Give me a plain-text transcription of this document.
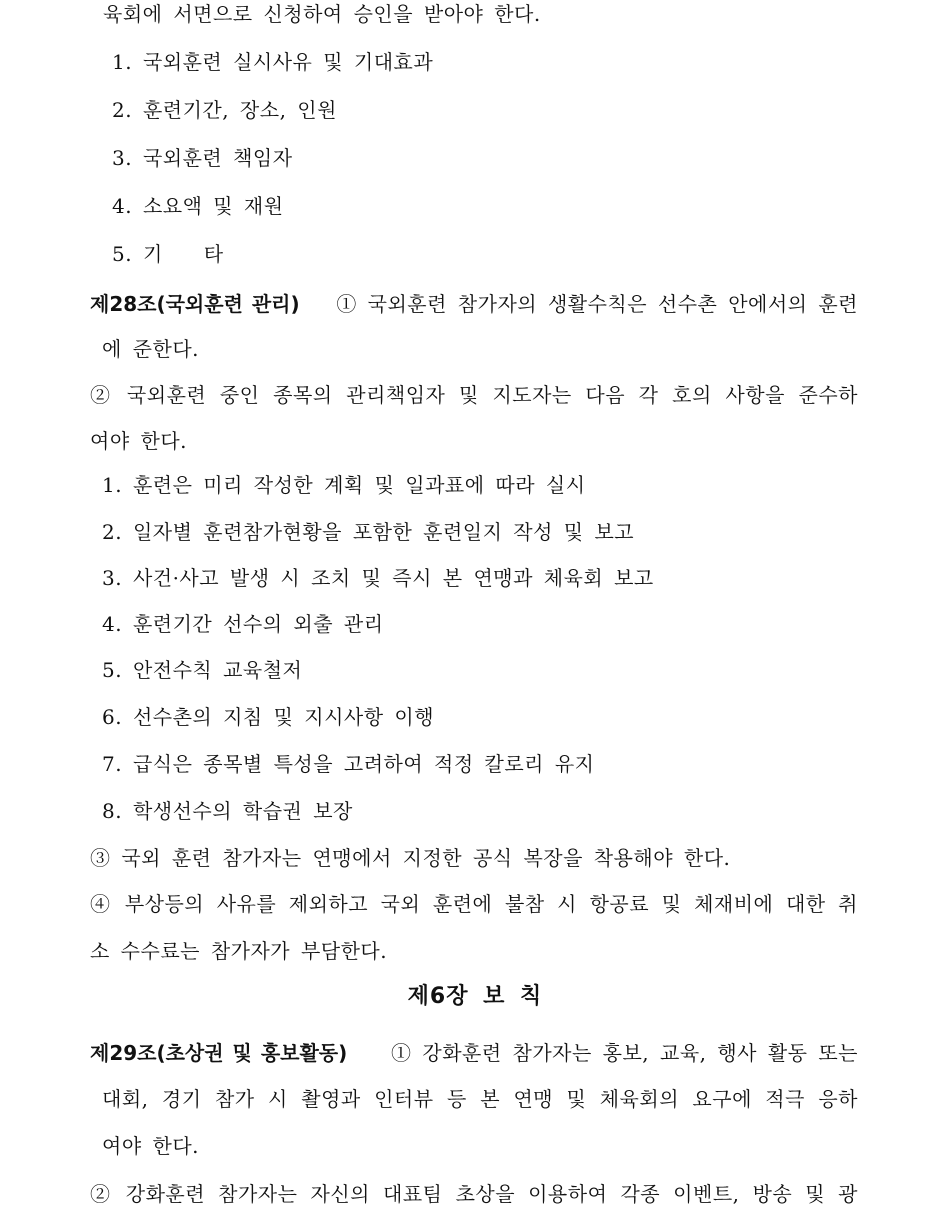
육회에 서면으로 신청하여 승인을 받아야 한다.
1. 국외훈련 실시사유 및 기대효과
2. 훈련기간, 장소, 인원
3. 국외훈련 책임자
4. 소요액 및 재원
5. 기　　타
제28조(국외훈련 관리) ① 국외훈련 참가자의 생활수칙은 선수촌 안에서의 훈련
에 준한다.
② 국외훈련 중인 종목의 관리책임자 및 지도자는 다음 각 호의 사항을 준수하
여야 한다.
1. 훈련은 미리 작성한 계획 및 일과표에 따라 실시
2. 일자별 훈련참가현황을 포함한 훈련일지 작성 및 보고
3. 사건·사고 발생 시 조치 및 즉시 본 연맹과 체육회 보고
4. 훈련기간 선수의 외출 관리
5. 안전수칙 교육철저
6. 선수촌의 지침 및 지시사항 이행
7. 급식은 종목별 특성을 고려하여 적정 칼로리 유지
8. 학생선수의 학습권 보장
③ 국외 훈련 참가자는 연맹에서 지정한 공식 복장을 착용해야 한다.
④ 부상등의 사유를 제외하고 국외 훈련에 불참 시 항공료 및 체재비에 대한 취
소 수수료는 참가자가 부담한다.
제6장 보 칙
제29조(초상권 및 홍보활동) ① 강화훈련 참가자는 홍보, 교육, 행사 활동 또는
대회, 경기 참가 시 촬영과 인터뷰 등 본 연맹 및 체육회의 요구에 적극 응하
여야 한다.
② 강화훈련 참가자는 자신의 대표팀 초상을 이용하여 각종 이벤트, 방송 및 광
